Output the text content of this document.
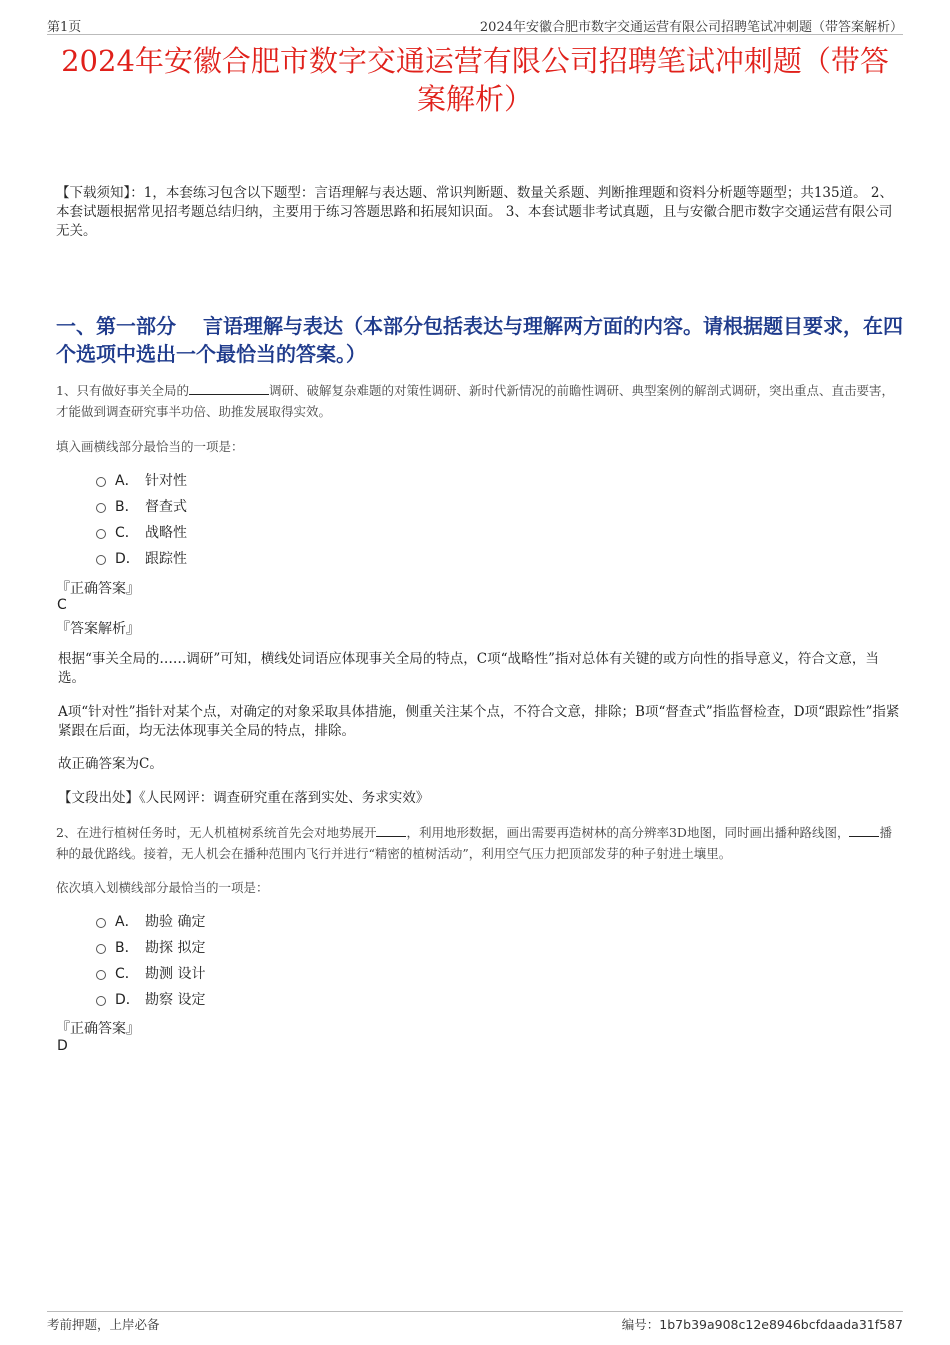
第1页	2024年安徽合肥市数字交通运营有限公司招聘笔试冲刺题（带答案解析）
2024年安徽合肥市数字交通运营有限公司招聘笔试冲刺题（带答案解析）

【下载须知】：1，本套练习包含以下题型：言语理解与表达题、常识判断题、数量关系题、判断推理题和资料分析题等题型；共135道。 2、本套试题根据常见招考题总结归纳，主要用于练习答题思路和拓展知识面。 3、本套试题非考试真题，且与安徽合肥市数字交通运营有限公司无关。

一、第一部分　 言语理解与表达（本部分包括表达与理解两方面的内容。请根据题目要求，在四个选项中选出一个最恰当的答案。）

1、只有做好事关全局的	调研、破解复杂难题的对策性调研、新时代新情况的前瞻性调研、典型案例的解剖式调研，突出重点、直击要害，才能做到调查研究事半功倍、助推发展取得实效。

填入画横线部分最恰当的一项是：

A． 针对性
B． 督查式
C． 战略性
D． 跟踪性

『正确答案』

C

『答案解析』

根据“事关全局的……调研”可知，横线处词语应体现事关全局的特点，C项“战略性”指对总体有关键的或方向性的指导意义，符合文意，当选。

A项“针对性”指针对某个点，对确定的对象采取具体措施，侧重关注某个点，不符合文意，排除；B项“督查式”指监督检查，D项“跟踪性”指紧紧跟在后面，均无法体现事关全局的特点，排除。

故正确答案为C。

【文段出处】《人民网评：调查研究重在落到实处、务求实效》

2、在进行植树任务时，无人机植树系统首先会对地势展开 ，利用地形数据，画出需要再造树林的高分辨率3D地图，同时画出播种路线图， 播种的最优路线。接着，无人机会在播种范围内飞行并进行“精密的植树活动”，利用空气压力把顶部发芽的种子射进土壤里。

依次填入划横线部分最恰当的一项是：

A． 勘验 确定
B． 勘探 拟定
C． 勘测 设计
D． 勘察 设定

『正确答案』

D

考前押题，上岸必备	编号：1b7b39a908c12e8946bcfdaada31f587
